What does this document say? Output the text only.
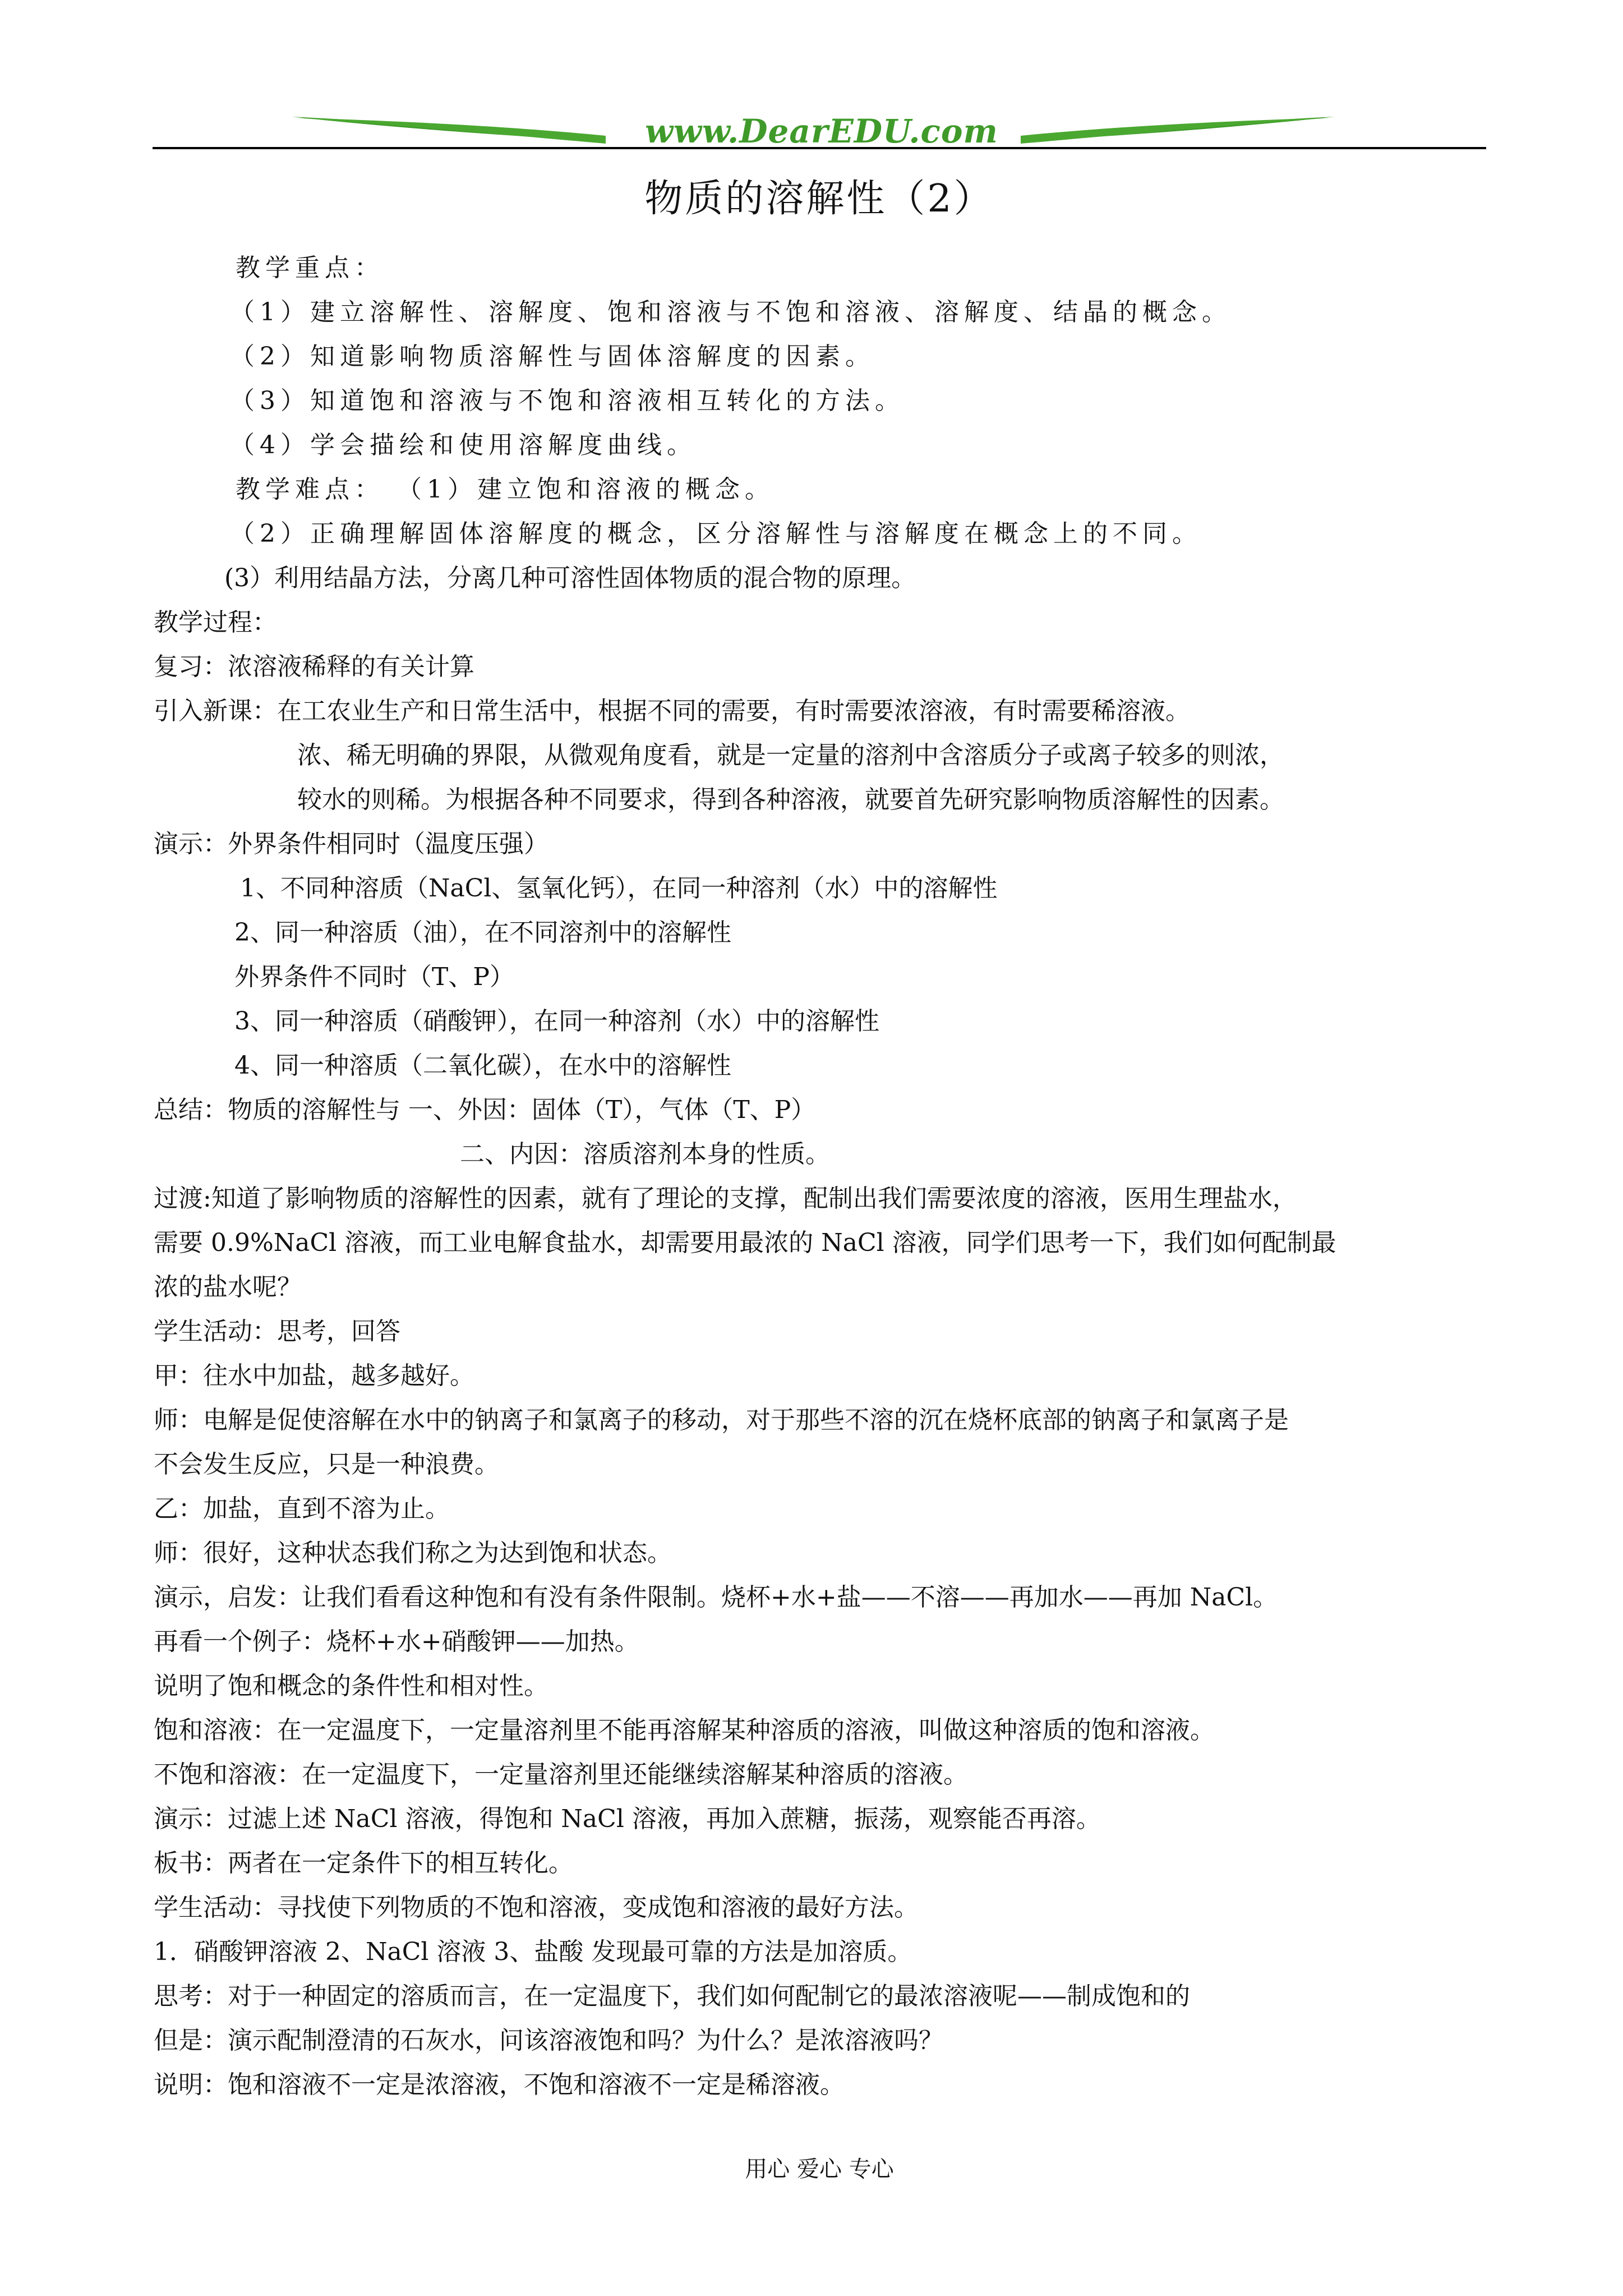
www.DearEDU.com
物质的溶解性（2）
教学重点：
（1）建立溶解性、溶解度、饱和溶液与不饱和溶液、溶解度、结晶的概念。
（2）知道影响物质溶解性与固体溶解度的因素。
（3）知道饱和溶液与不饱和溶液相互转化的方法。
（4）学会描绘和使用溶解度曲线。
教学难点： （1）建立饱和溶液的概念。
（2）正确理解固体溶解度的概念，区分溶解性与溶解度在概念上的不同。
(3）利用结晶方法，分离几种可溶性固体物质的混合物的原理。
教学过程：
复习：浓溶液稀释的有关计算
引入新课：在工农业生产和日常生活中，根据不同的需要，有时需要浓溶液，有时需要稀溶液。
浓、稀无明确的界限，从微观角度看，就是一定量的溶剂中含溶质分子或离子较多的则浓，
较水的则稀。为根据各种不同要求，得到各种溶液，就要首先研究影响物质溶解性的因素。
演示：外界条件相同时（温度压强）
1、不同种溶质（NaCl、氢氧化钙），在同一种溶剂（水）中的溶解性
2、同一种溶质（油），在不同溶剂中的溶解性
外界条件不同时（T、P）
3、同一种溶质（硝酸钾），在同一种溶剂（水）中的溶解性
4、同一种溶质（二氧化碳），在水中的溶解性
总结：物质的溶解性与 一、外因：固体（T），气体（T、P）
二、内因：溶质溶剂本身的性质。
过渡:知道了影响物质的溶解性的因素，就有了理论的支撑，配制出我们需要浓度的溶液，医用生理盐水，
需要 0.9%NaCl 溶液，而工业电解食盐水，却需要用最浓的 NaCl 溶液，同学们思考一下，我们如何配制最
浓的盐水呢？
学生活动：思考，回答
甲：往水中加盐，越多越好。
师：电解是促使溶解在水中的钠离子和氯离子的移动，对于那些不溶的沉在烧杯底部的钠离子和氯离子是
不会发生反应，只是一种浪费。
乙：加盐，直到不溶为止。
师：很好，这种状态我们称之为达到饱和状态。
演示，启发：让我们看看这种饱和有没有条件限制。烧杯+水+盐——不溶——再加水——再加 NaCl。
再看一个例子：烧杯+水+硝酸钾——加热。
说明了饱和概念的条件性和相对性。
饱和溶液：在一定温度下，一定量溶剂里不能再溶解某种溶质的溶液，叫做这种溶质的饱和溶液。
不饱和溶液：在一定温度下，一定量溶剂里还能继续溶解某种溶质的溶液。
演示：过滤上述 NaCl 溶液，得饱和 NaCl 溶液，再加入蔗糖，振荡，观察能否再溶。
板书：两者在一定条件下的相互转化。
学生活动：寻找使下列物质的不饱和溶液，变成饱和溶液的最好方法。
1．硝酸钾溶液 2、NaCl 溶液 3、盐酸 发现最可靠的方法是加溶质。
思考：对于一种固定的溶质而言，在一定温度下，我们如何配制它的最浓溶液呢——制成饱和的
但是：演示配制澄清的石灰水，问该溶液饱和吗？为什么？是浓溶液吗？
说明：饱和溶液不一定是浓溶液，不饱和溶液不一定是稀溶液。
用心 爱心 专心
